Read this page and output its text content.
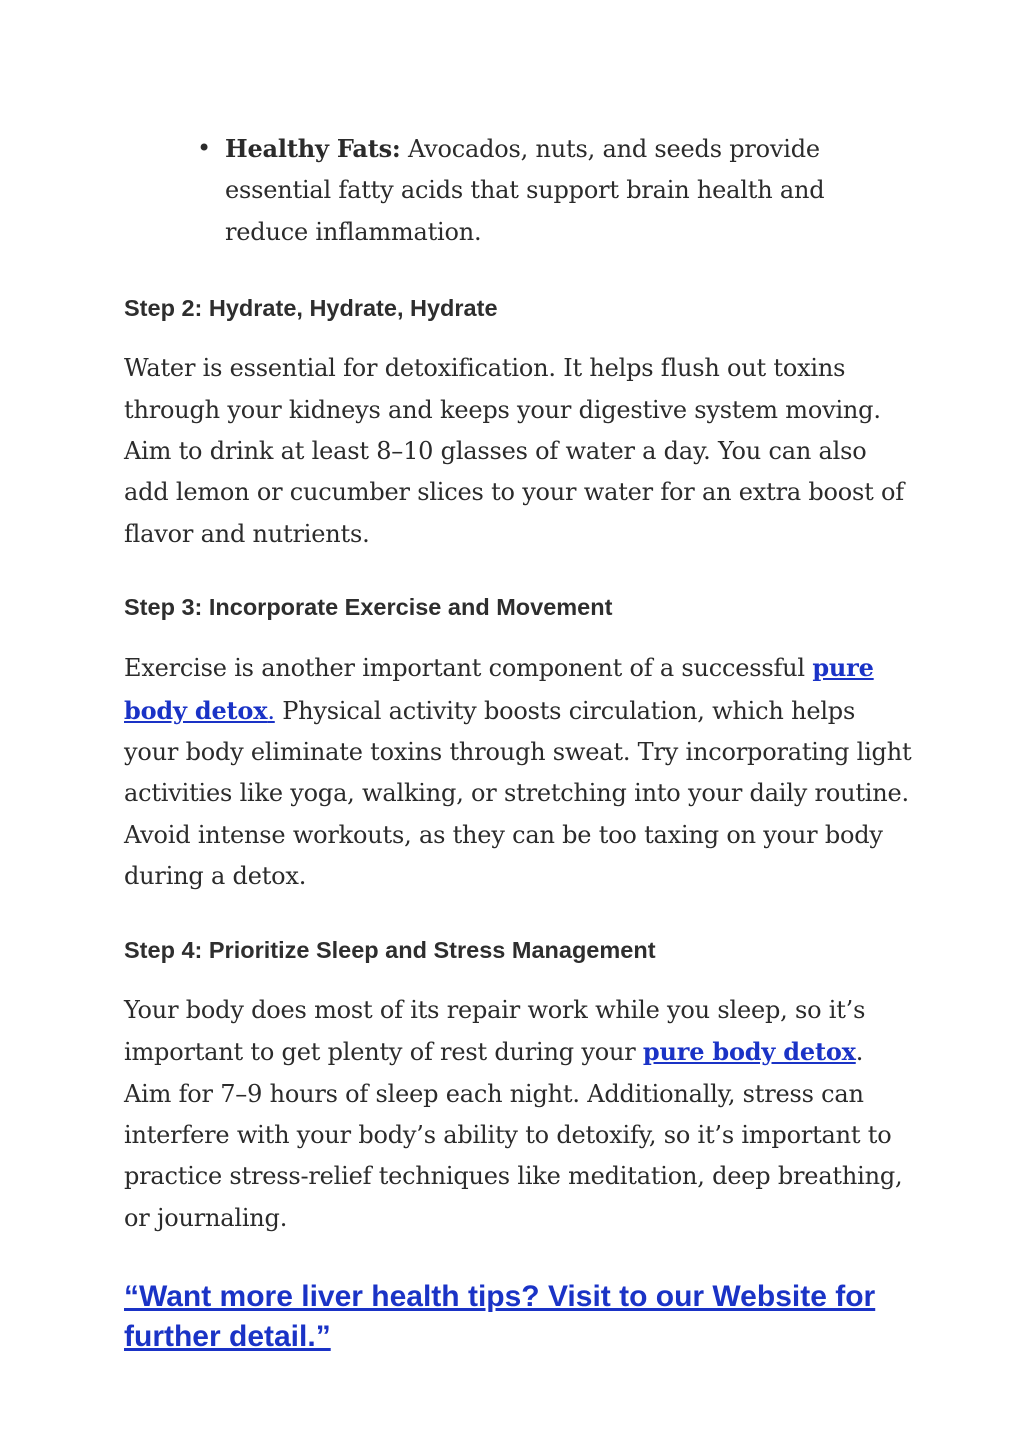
• Healthy Fats: Avocados, nuts, and seeds provide essential fatty acids that support brain health and reduce inflammation.
Step 2: Hydrate, Hydrate, Hydrate

Water is essential for detoxification. It helps flush out toxins through your kidneys and keeps your digestive system moving. Aim to drink at least 8–10 glasses of water a day. You can also add lemon or cucumber slices to your water for an extra boost of flavor and nutrients.

Step 3: Incorporate Exercise and Movement

Exercise is another important component of a successful pure body detox. Physical activity boosts circulation, which helps your body eliminate toxins through sweat. Try incorporating light activities like yoga, walking, or stretching into your daily routine. Avoid intense workouts, as they can be too taxing on your body during a detox.

Step 4: Prioritize Sleep and Stress Management

Your body does most of its repair work while you sleep, so it’s important to get plenty of rest during your pure body detox. Aim for 7–9 hours of sleep each night. Additionally, stress can interfere with your body’s ability to detoxify, so it’s important to practice stress-relief techniques like meditation, deep breathing, or journaling.

“Want more liver health tips? Visit to our Website for further detail.”
